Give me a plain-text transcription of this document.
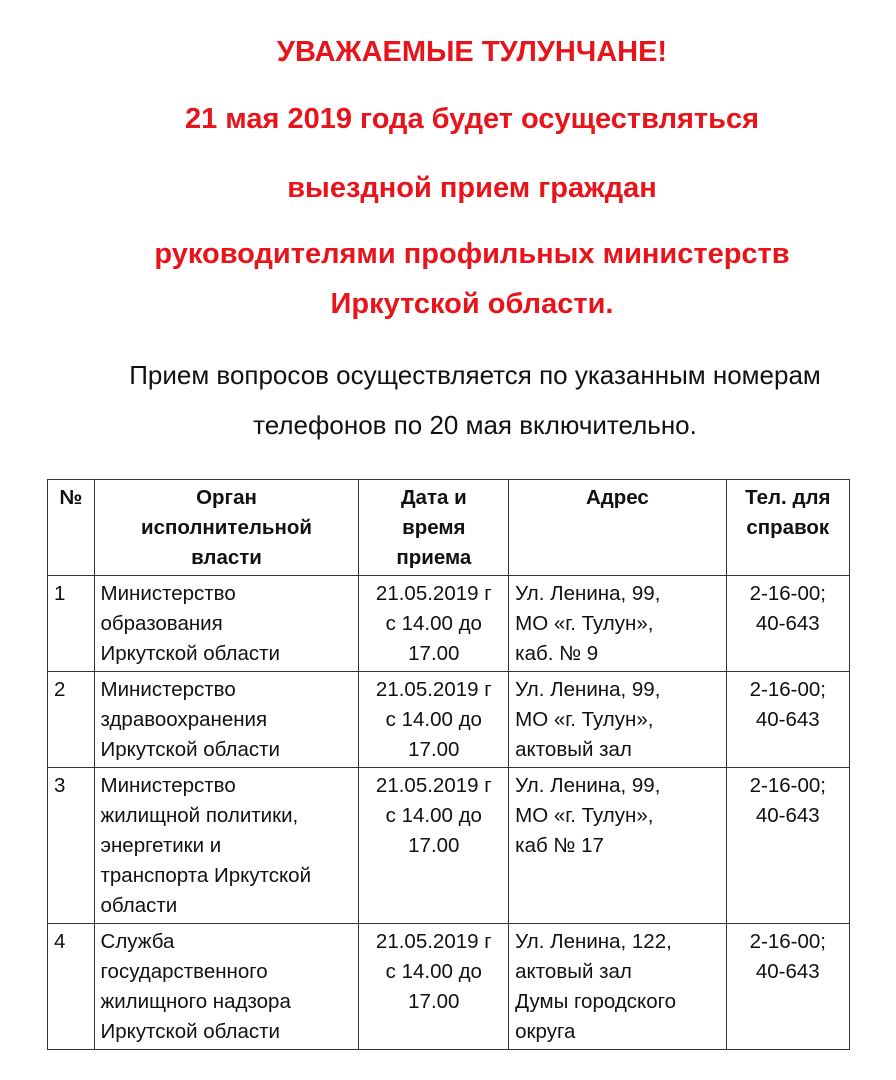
УВАЖАЕМЫЕ ТУЛУНЧАНЕ!
21 мая 2019 года будет осуществляться
выездной прием граждан
руководителями профильных министерств
Иркутской области.
Прием вопросов осуществляется по указанным номерам
телефонов по 20 мая включительно.
№	Орган
исполнительной
власти	Дата и
время
приема	Адрес	Тел. для
справок

1	Министерство
образования
Иркутской области	21.05.2019 г
с 14.00 до
17.00	Ул. Ленина, 99,
МО «г. Тулун»,
каб. № 9	2-16-00;
40-643

2	Министерство
здравоохранения
Иркутской области	21.05.2019 г
с 14.00 до
17.00	Ул. Ленина, 99,
МО «г. Тулун»,
актовый зал	2-16-00;
40-643

3	Министерство
жилищной политики,
энергетики и
транспорта Иркутской
области	21.05.2019 г
с 14.00 до
17.00	Ул. Ленина, 99,
МО «г. Тулун»,
каб № 17	2-16-00;
40-643

4	Служба
государственного
жилищного надзора
Иркутской области	21.05.2019 г
с 14.00 до
17.00	Ул. Ленина, 122,
актовый зал
Думы городского
округа	2-16-00;
40-643
